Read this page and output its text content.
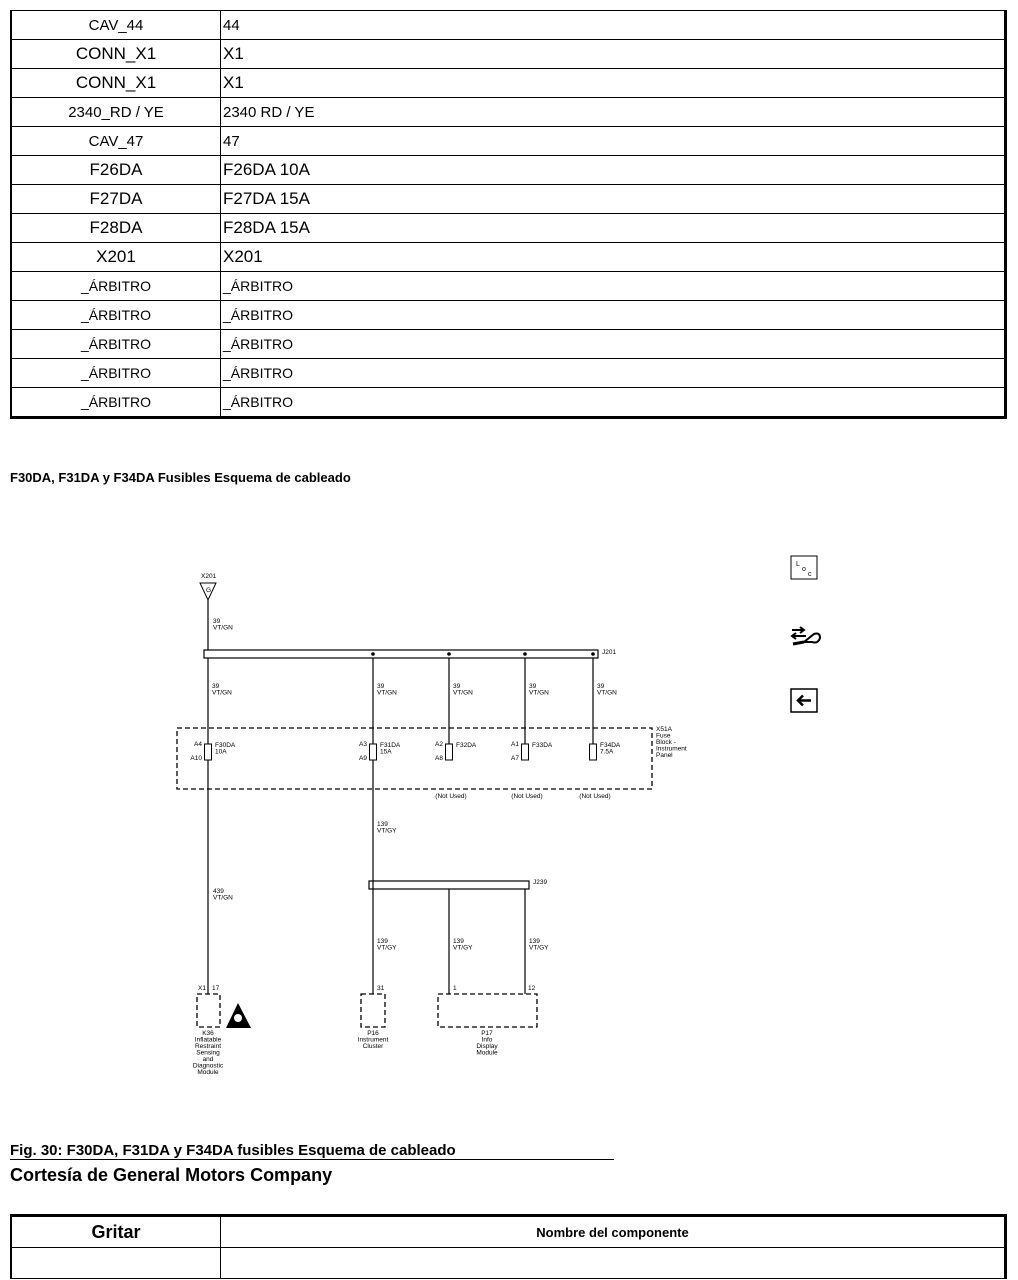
CAV_44	44
CONN_X1	X1
CONN_X1	X1
2340_RD / YE	2340 RD / YE
CAV_47	47
F26DA	F26DA 10A
F27DA	F27DA 15A
F28DA	F28DA 15A
X201	X201
_ÁRBITRO	_ÁRBITRO
_ÁRBITRO	_ÁRBITRO
_ÁRBITRO	_ÁRBITRO
_ÁRBITRO	_ÁRBITRO
_ÁRBITRO	_ÁRBITRO
F30DA, F31DA y F34DA Fusibles Esquema de cableado
X201
G
39 VT/GN
J201
39 VT/GN
39 VT/GN
39 VT/GN
39 VT/GN
39 VT/GN
X51A Fuse Block -Instrument Panel
A4
A10
F30DA 10A
A3
A9
F31DA 15A
A2
A8
F32DA
(Not Used)
A1
A7
F33DA
(Not Used)
F34DA 7.5A
(Not Used)
439 VT/GN
139 VT/GY
J239
139 VT/GY
139 VT/GY
139 VT/GY
X1 17
K36 Inflatable Restraint Sensing and Diagnostic Module
31
P16 Instrument Cluster
1	12
P17 Info Display Module
L
o
c
Fig. 30: F30DA, F31DA y F34DA fusibles Esquema de cableado
Cortesía de General Motors Company
Gritar	Nombre del componente
